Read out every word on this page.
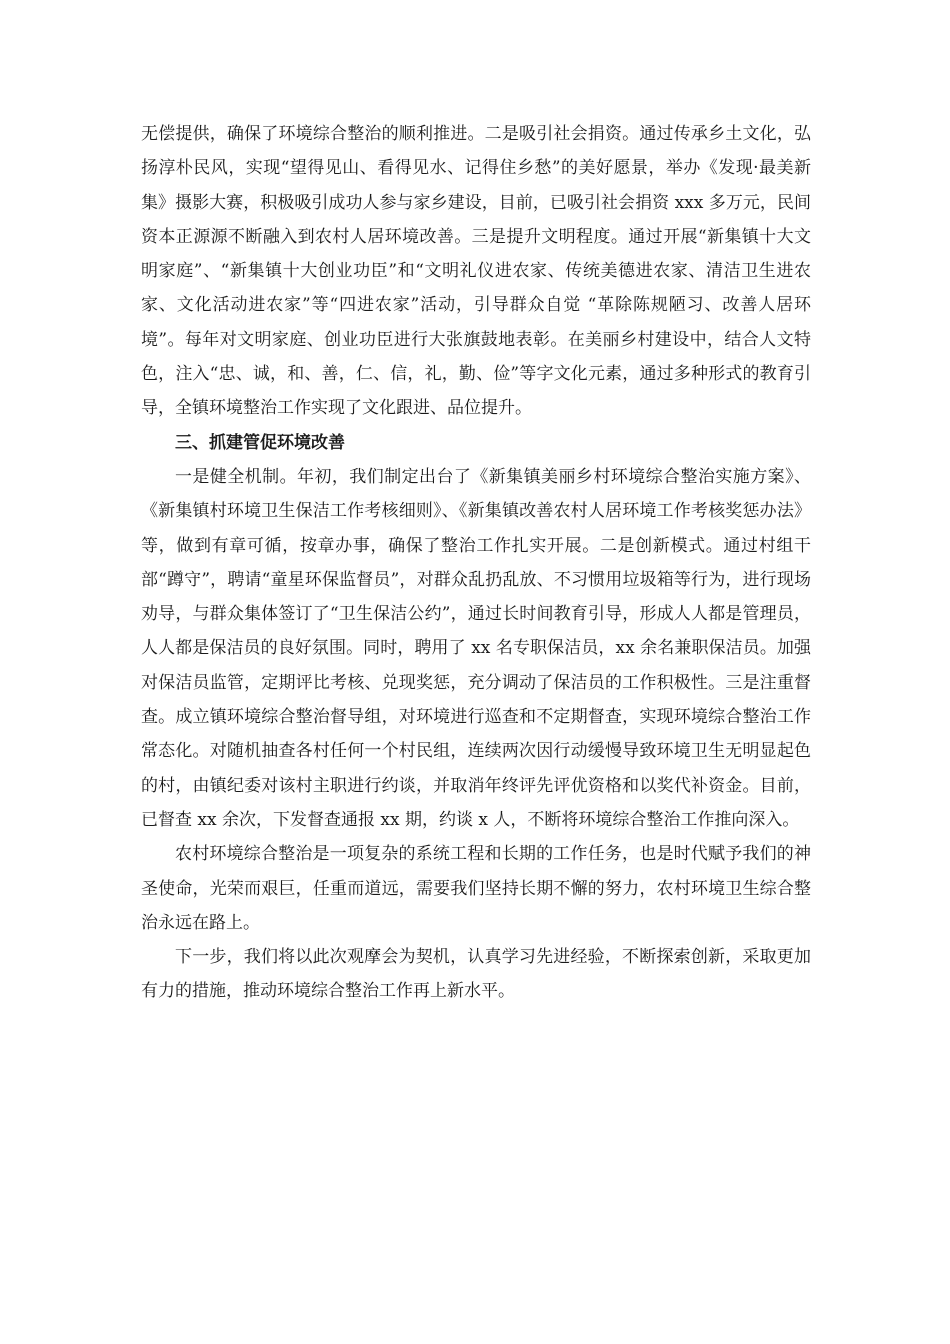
无偿提供，确保了环境综合整治的顺利推进。二是吸引社会捐资。通过传承乡土文化，弘扬淳朴民风，实现“望得见山、看得见水、记得住乡愁”的美好愿景，举办《发现·最美新集》摄影大赛，积极吸引成功人参与家乡建设，目前，已吸引社会捐资 xxx 多万元，民间资本正源源不断融入到农村人居环境改善。三是提升文明程度。通过开展“新集镇十大文明家庭”、“新集镇十大创业功臣”和“文明礼仪进农家、传统美德进农家、清洁卫生进农家、文化活动进农家”等“四进农家”活动，引导群众自觉 “革除陈规陋习、改善人居环境”。每年对文明家庭、创业功臣进行大张旗鼓地表彰。在美丽乡村建设中，结合人文特色，注入“忠、诚，和、善，仁、信，礼，勤、俭”等字文化元素，通过多种形式的教育引导，全镇环境整治工作实现了文化跟进、品位提升。

三、抓建管促环境改善

一是健全机制。年初，我们制定出台了《新集镇美丽乡村环境综合整治实施方案》、《新集镇村环境卫生保洁工作考核细则》、《新集镇改善农村人居环境工作考核奖惩办法》等，做到有章可循，按章办事，确保了整治工作扎实开展。二是创新模式。通过村组干部“蹲守”，聘请“童星环保监督员”，对群众乱扔乱放、不习惯用垃圾箱等行为，进行现场劝导，与群众集体签订了“卫生保洁公约”，通过长时间教育引导，形成人人都是管理员，人人都是保洁员的良好氛围。同时，聘用了 xx 名专职保洁员，xx 余名兼职保洁员。加强对保洁员监管，定期评比考核、兑现奖惩，充分调动了保洁员的工作积极性。三是注重督查。成立镇环境综合整治督导组，对环境进行巡查和不定期督查，实现环境综合整治工作常态化。对随机抽查各村任何一个村民组，连续两次因行动缓慢导致环境卫生无明显起色的村，由镇纪委对该村主职进行约谈，并取消年终评先评优资格和以奖代补资金。目前，已督查 xx 余次，下发督查通报 xx 期，约谈 x 人，不断将环境综合整治工作推向深入。

农村环境综合整治是一项复杂的系统工程和长期的工作任务，也是时代赋予我们的神圣使命，光荣而艰巨，任重而道远，需要我们坚持长期不懈的努力，农村环境卫生综合整治永远在路上。

下一步，我们将以此次观摩会为契机，认真学习先进经验，不断探索创新，采取更加有力的措施，推动环境综合整治工作再上新水平。
